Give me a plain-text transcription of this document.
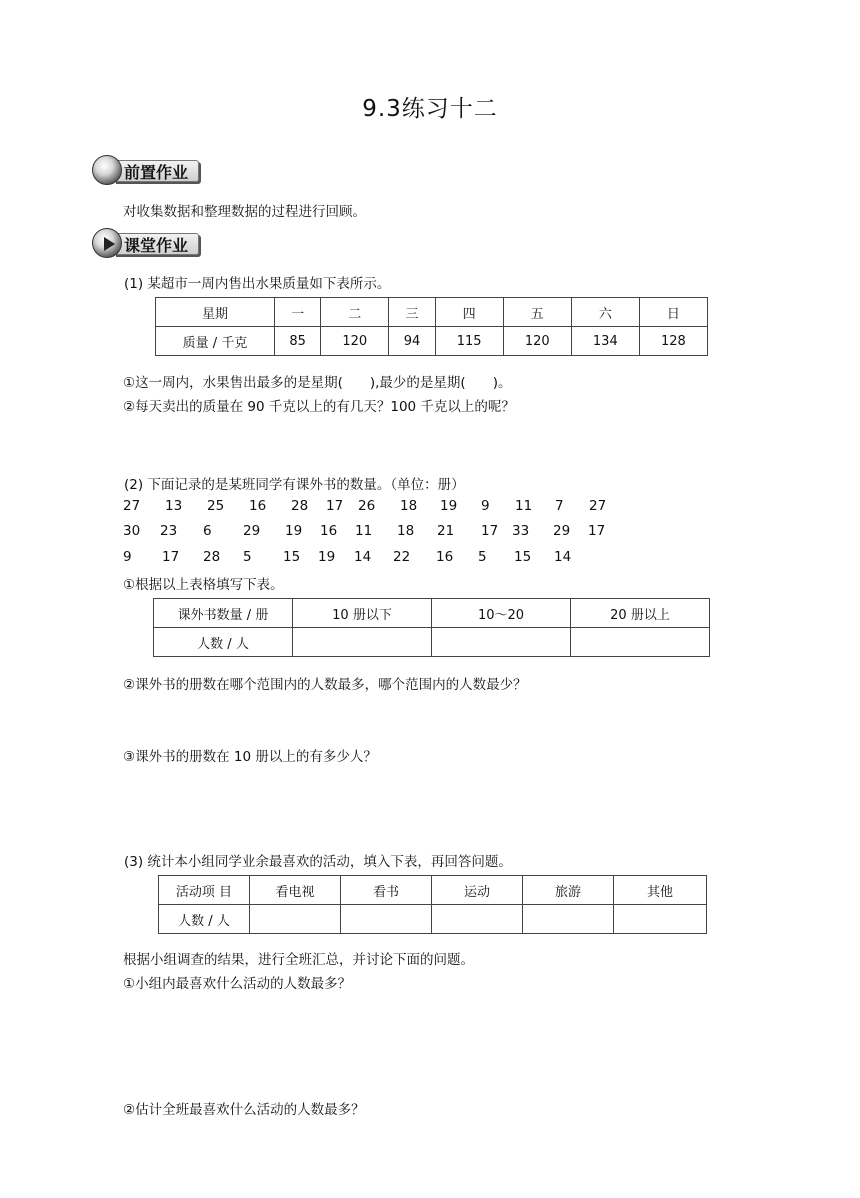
9.3练习十二
前置作业
对收集数据和整理数据的过程进行回顾。
课堂作业
(1) 某超市一周内售出水果质量如下表所示。
星期	一	二	三	四	五	六	日
质量 / 千克	85	120	94	115	120	134	128
①这一周内，水果售出最多的是星期(　　),最少的是星期(　　)。
②每天卖出的质量在 90 千克以上的有几天？100 千克以上的呢？
(2) 下面记录的是某班同学有课外书的数量。（单位：册）
27 13 25 16 28 17 26 18 19 9 11 7 27
30 23 6 29 19 16 11 18 21 17 33 29 17
9 17 28 5 15 19 14 22 16 5 15 14
①根据以上表格填写下表。
课外书数量 / 册	10 册以下	10～20	20 册以上
人数 / 人			
②课外书的册数在哪个范围内的人数最多，哪个范围内的人数最少？
③课外书的册数在 10 册以上的有多少人？
(3) 统计本小组同学业余最喜欢的活动，填入下表，再回答问题。
活动项 目	看电视	看书	运动	旅游	其他
人数 / 人					
根据小组调查的结果，进行全班汇总，并讨论下面的问题。
①小组内最喜欢什么活动的人数最多？
②估计全班最喜欢什么活动的人数最多？
